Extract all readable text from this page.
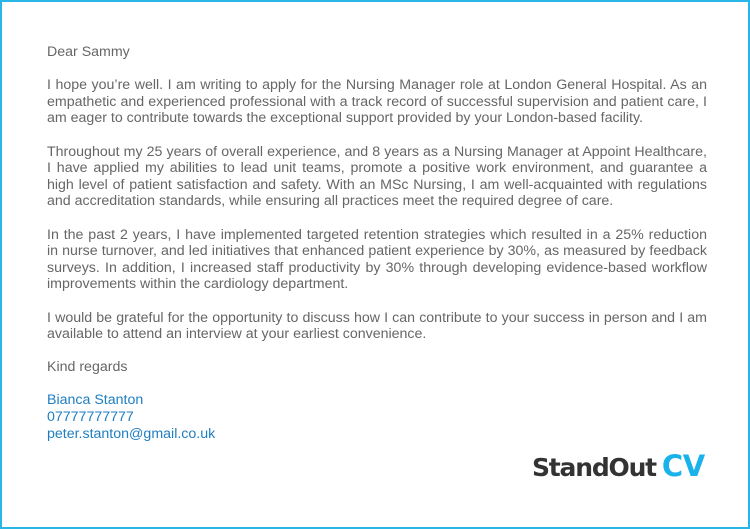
Dear Sammy

I hope you’re well. I am writing to apply for the Nursing Manager role at London General Hospital. As an empathetic and experienced professional with a track record of successful supervision and patient care, I am eager to contribute towards the exceptional support provided by your London-based facility.

Throughout my 25 years of overall experience, and 8 years as a Nursing Manager at Appoint Healthcare, I have applied my abilities to lead unit teams, promote a positive work environment, and guarantee a high level of patient satisfaction and safety. With an MSc Nursing, I am well-acquainted with regulations and accreditation standards, while ensuring all practices meet the required degree of care.

In the past 2 years, I have implemented targeted retention strategies which resulted in a 25% reduction in nurse turnover, and led initiatives that enhanced patient experience by 30%, as measured by feedback surveys. In addition, I increased staff productivity by 30% through developing evidence-based workflow improvements within the cardiology department.

I would be grateful for the opportunity to discuss how I can contribute to your success in person and I am available to attend an interview at your earliest convenience.

Kind regards

Bianca Stanton
07777777777
peter.stanton@gmail.co.uk
StandOut CV
